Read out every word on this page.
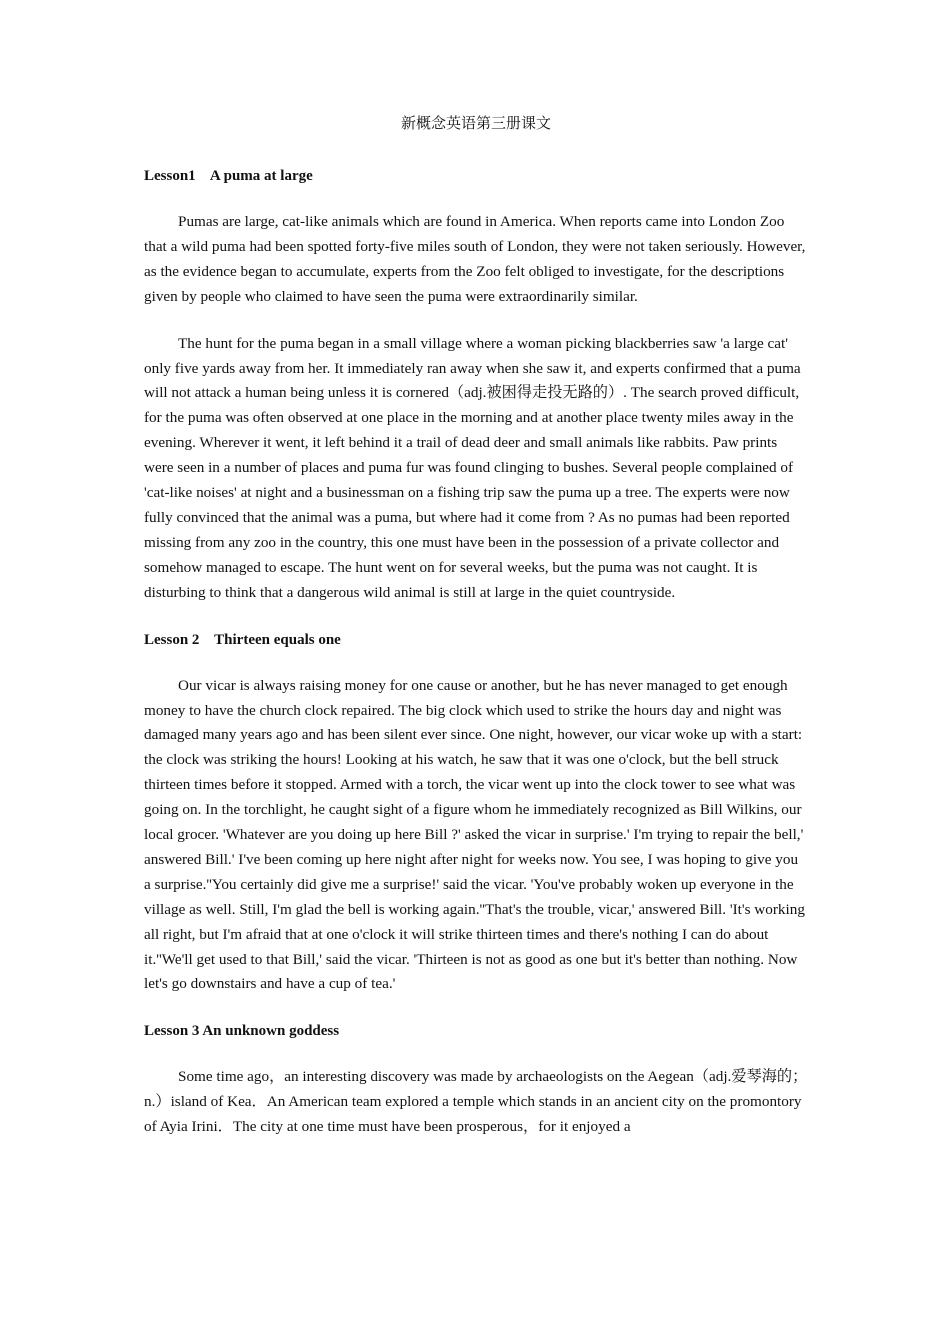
新概念英语第三册课文
Lesson1    A puma at large

Pumas are large, cat-like animals which are found in America. When reports came into London Zoo that a wild puma had been spotted forty-five miles south of London, they were not taken seriously. However, as the evidence began to accumulate, experts from the Zoo felt obliged to investigate, for the descriptions given by people who claimed to have seen the puma were extraordinarily similar.

The hunt for the puma began in a small village where a woman picking blackberries saw 'a large cat' only five yards away from her. It immediately ran away when she saw it, and experts confirmed that a puma will not attack a human being unless it is cornered（adj.被困得走投无路的）. The search proved difficult, for the puma was often observed at one place in the morning and at another place twenty miles away in the evening. Wherever it went, it left behind it a trail of dead deer and small animals like rabbits. Paw prints were seen in a number of places and puma fur was found clinging to bushes. Several people complained of 'cat-like noises' at night and a businessman on a fishing trip saw the puma up a tree. The experts were now fully convinced that the animal was a puma, but where had it come from ? As no pumas had been reported missing from any zoo in the country, this one must have been in the possession of a private collector and somehow managed to escape. The hunt went on for several weeks, but the puma was not caught. It is disturbing to think that a dangerous wild animal is still at large in the quiet countryside.

Lesson 2    Thirteen equals one

Our vicar is always raising money for one cause or another, but he has never managed to get enough money to have the church clock repaired. The big clock which used to strike the hours day and night was damaged many years ago and has been silent ever since. One night, however, our vicar woke up with a start: the clock was striking the hours! Looking at his watch, he saw that it was one o'clock, but the bell struck thirteen times before it stopped. Armed with a torch, the vicar went up into the clock tower to see what was going on. In the torchlight, he caught sight of a figure whom he immediately recognized as Bill Wilkins, our local grocer. 'Whatever are you doing up here Bill ?' asked the vicar in surprise.' I'm trying to repair the bell,' answered Bill.' I've been coming up here night after night for weeks now. You see, I was hoping to give you a surprise.''You certainly did give me a surprise!' said the vicar. 'You've probably woken up everyone in the village as well. Still, I'm glad the bell is working again.''That's the trouble, vicar,' answered Bill. 'It's working all right, but I'm afraid that at one o'clock it will strike thirteen times and there's nothing I can do about it.''We'll get used to that Bill,' said the vicar. 'Thirteen is not as good as one but it's better than nothing. Now let's go downstairs and have a cup of tea.'

Lesson 3 An unknown goddess

Some time ago，an interesting discovery was made by archaeologists on the Aegean（adj.爱琴海的；n.）island of Kea．An American team explored a temple which stands in an ancient city on the promontory of Ayia Irini．The city at one time must have been prosperous，for it enjoyed a
